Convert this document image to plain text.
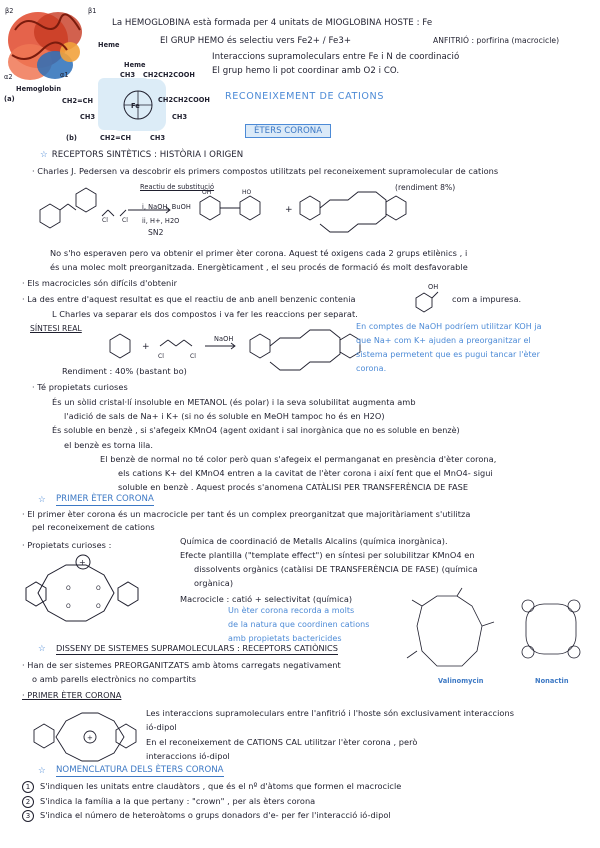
β2	β1
Heme
α2	α1
Hemoglobin
(a)
Heme
CH3 CH2CH2COOH
CH2=CH
Fe
CH2CH2COOH
CH3	CH3
(b)	CH2=CH	CH3
La HEMOGLOBINA està formada per 4 unitats de MIOGLOBINA HOSTE : Fe
El GRUP HEMO és selectiu vers Fe2+ / Fe3+	ANFITRIÓ : porfirina (macrocicle)
Interaccions supramoleculars entre Fe i N de coordinació
El grup hemo li pot coordinar amb O2 i CO.
RECONEIXEMENT DE CATIONS
ÈTERS CORONA
☆ RECEPTORS SINTÈTICS : HISTÒRIA I ORIGEN
· Charles J. Pedersen va descobrir els primers compostos utilitzats pel reconeixement supramolecular de cations
(rendiment 8%)
+
Cl Cl
OH	HO
Reactiu de substitució
i, NaOH, BuOH
ii, H+, H2O
SN2
No s'ho esperaven pero va obtenir el primer èter corona. Aquest té oxigens cada 2 grups etilènics , i
és una molec molt preorganitzada. Energèticament , el seu procés de formació és molt desfavorable
· Els macrocicles són difícils d'obtenir
· La des entre d'aquest resultat es que el reactiu de anb anell benzenic contenia
OH
com a impuresa.
L Charles va separar els dos compostos i va fer les reaccions per separat.
SÍNTESI REAL
+
Cl	Cl
NaOH
Rendiment : 40% (bastant bo)
En comptes de NaOH podríem utilitzar KOH ja
que Na+ com K+ ajuden a preorganitzar el
sistema permetent que es pugui tancar l'èter
corona.
· Té propietats curioses
És un sòlid cristal·lí insoluble en METANOL (és polar) i la seva solubilitat augmenta amb
l'adició de sals de Na+ i K+ (si no és soluble en MeOH tampoc ho és en H2O)
És soluble en benzè , si s'afegeix KMnO4 (agent oxidant i sal inorgànica que no es soluble en benzè)
el benzè es torna lila.
El benzè de normal no té color però quan s'afegeix el permanganat en presència d'èter corona,
els cations K+ del KMnO4 entren a la cavitat de l'èter corona i així fent que el MnO4- sigui
soluble en benzè . Aquest procés s'anomena CATÀLISI PER TRANSFERÈNCIA DE FASE
☆	PRIMER ÈTER CORONA
· El primer èter corona és un macrocicle per tant és un complex preorganitzat que majoritàriament s'utilitza
pel reconeixement de cations
· Propietats curioses :	Química de coordinació de Metalls Alcalins (química inorgànica).
Efecte plantilla ("template effect") en síntesi per solubilitzar KMnO4 en
dissolvents orgànics (catàlisi DE TRANSFERÈNCIA DE FASE) (química
orgànica)
Macrocicle : catió + selectivitat (química)
+
O	O
O	O	Un èter corona recorda a molts
de la natura que coordinen cations
amb propietats bactericides
Valinomycin	Nonactin
☆	DISSENY DE SISTEMES SUPRAMOLECULARS : RECEPTORS CATIÒNICS
· Han de ser sistemes PREORGANITZATS amb àtoms carregats negativament
o amb parells electrònics no compartits
· PRIMER ÈTER CORONA
+
Les interaccions supramoleculars entre l'anfitrió i l'hoste són exclusivament interaccions
ió-dipol
En el reconeixement de CATIONS CAL utilitzar l'èter corona , però
interaccions ió-dipol
☆	NOMENCLATURA DELS ÈTERS CORONA
1 S'indiquen les unitats entre claudàtors , que és el nº d'àtoms que formen el macrocicle
2 S'indica la família a la que pertany : "crown" , per als èters corona
3 S'indica el número de heteroàtoms o grups donadors d'e- per fer l'interacció ió-dipol
